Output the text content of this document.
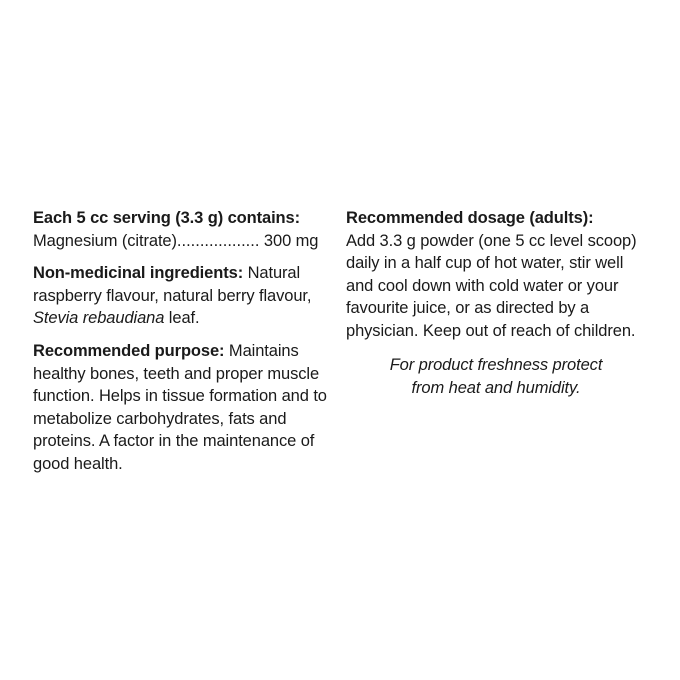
Each 5 cc serving (3.3 g) contains:
Magnesium (citrate).................. 300 mg
Non-medicinal ingredients: Natural raspberry flavour, natural berry flavour, Stevia rebaudiana leaf.
Recommended purpose: Maintains healthy bones, teeth and proper muscle function. Helps in tissue formation and to metabolize carbohydrates, fats and proteins. A factor in the maintenance of good health.
Recommended dosage (adults):
Add 3.3 g powder (one 5 cc level scoop) daily in a half cup of hot water, stir well and cool down with cold water or your favourite juice, or as directed by a physician. Keep out of reach of children.
For product freshness protect
from heat and humidity.
